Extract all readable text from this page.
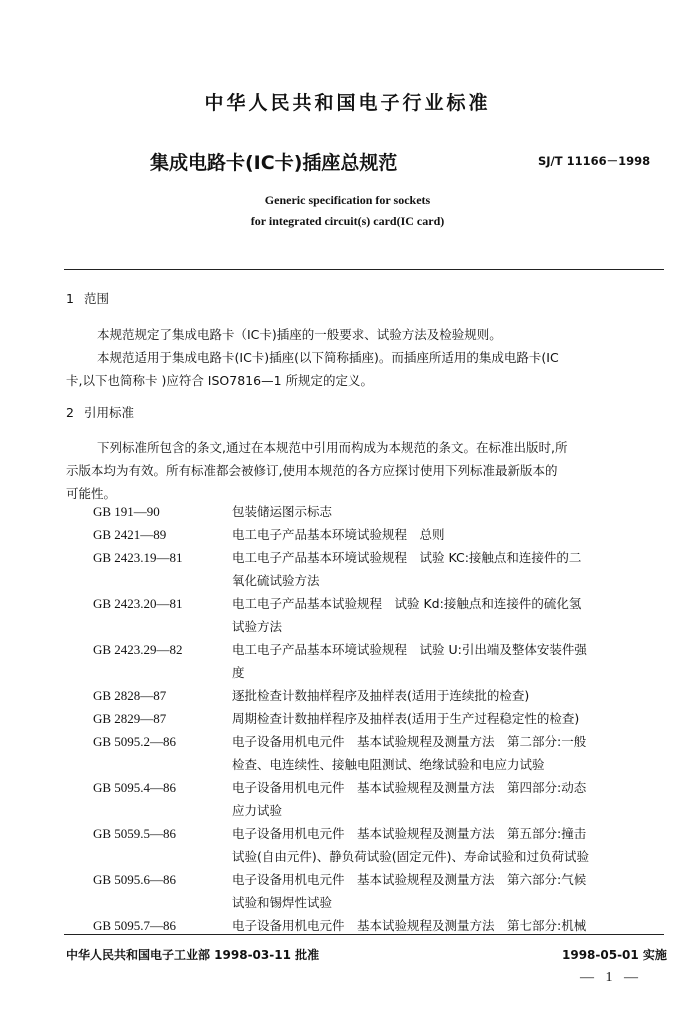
中华人民共和国电子行业标准
集成电路卡(IC卡)插座总规范	SJ/T 11166－1998
Generic specification for sockets
for integrated circuit(s) card(IC card)
1 范围
本规范规定了集成电路卡（IC卡)插座的一般要求、试验方法及检验规则。
本规范适用于集成电路卡(IC卡)插座(以下简称插座)。而插座所适用的集成电路卡(IC
卡,以下也简称卡 )应符合 ISO7816—1 所规定的定义。
2 引用标准
下列标准所包含的条文,通过在本规范中引用而构成为本规范的条文。在标准出版时,所
示版本均为有效。所有标准都会被修订,使用本规范的各方应探讨使用下列标准最新版本的
可能性。
GB 191—90	包装储运图示标志
GB 2421—89	电工电子产品基本环境试验规程　总则
GB 2423.19—81	电工电子产品基本环境试验规程　试验 KC:接触点和连接件的二
氧化硫试验方法
GB 2423.20—81	电工电子产品基本试验规程　试验 Kd:接触点和连接件的硫化氢
试验方法
GB 2423.29—82	电工电子产品基本环境试验规程　试验 U:引出端及整体安装件强
度
GB 2828—87	逐批检查计数抽样程序及抽样表(适用于连续批的检查)
GB 2829—87	周期检查计数抽样程序及抽样表(适用于生产过程稳定性的检查)
GB 5095.2—86	电子设备用机电元件　基本试验规程及测量方法　第二部分:一般
检查、电连续性、接触电阻测试、绝缘试验和电应力试验
GB 5095.4—86	电子设备用机电元件　基本试验规程及测量方法　第四部分:动态
应力试验
GB 5059.5—86	电子设备用机电元件　基本试验规程及测量方法　第五部分:撞击
试验(自由元件)、静负荷试验(固定元件)、寿命试验和过负荷试验
GB 5095.6—86	电子设备用机电元件　基本试验规程及测量方法　第六部分:气候
试验和锡焊性试验
GB 5095.7—86	电子设备用机电元件　基本试验规程及测量方法　第七部分:机械
中华人民共和国电子工业部 1998-03-11 批准	1998-05-01 实施
— 1 —
